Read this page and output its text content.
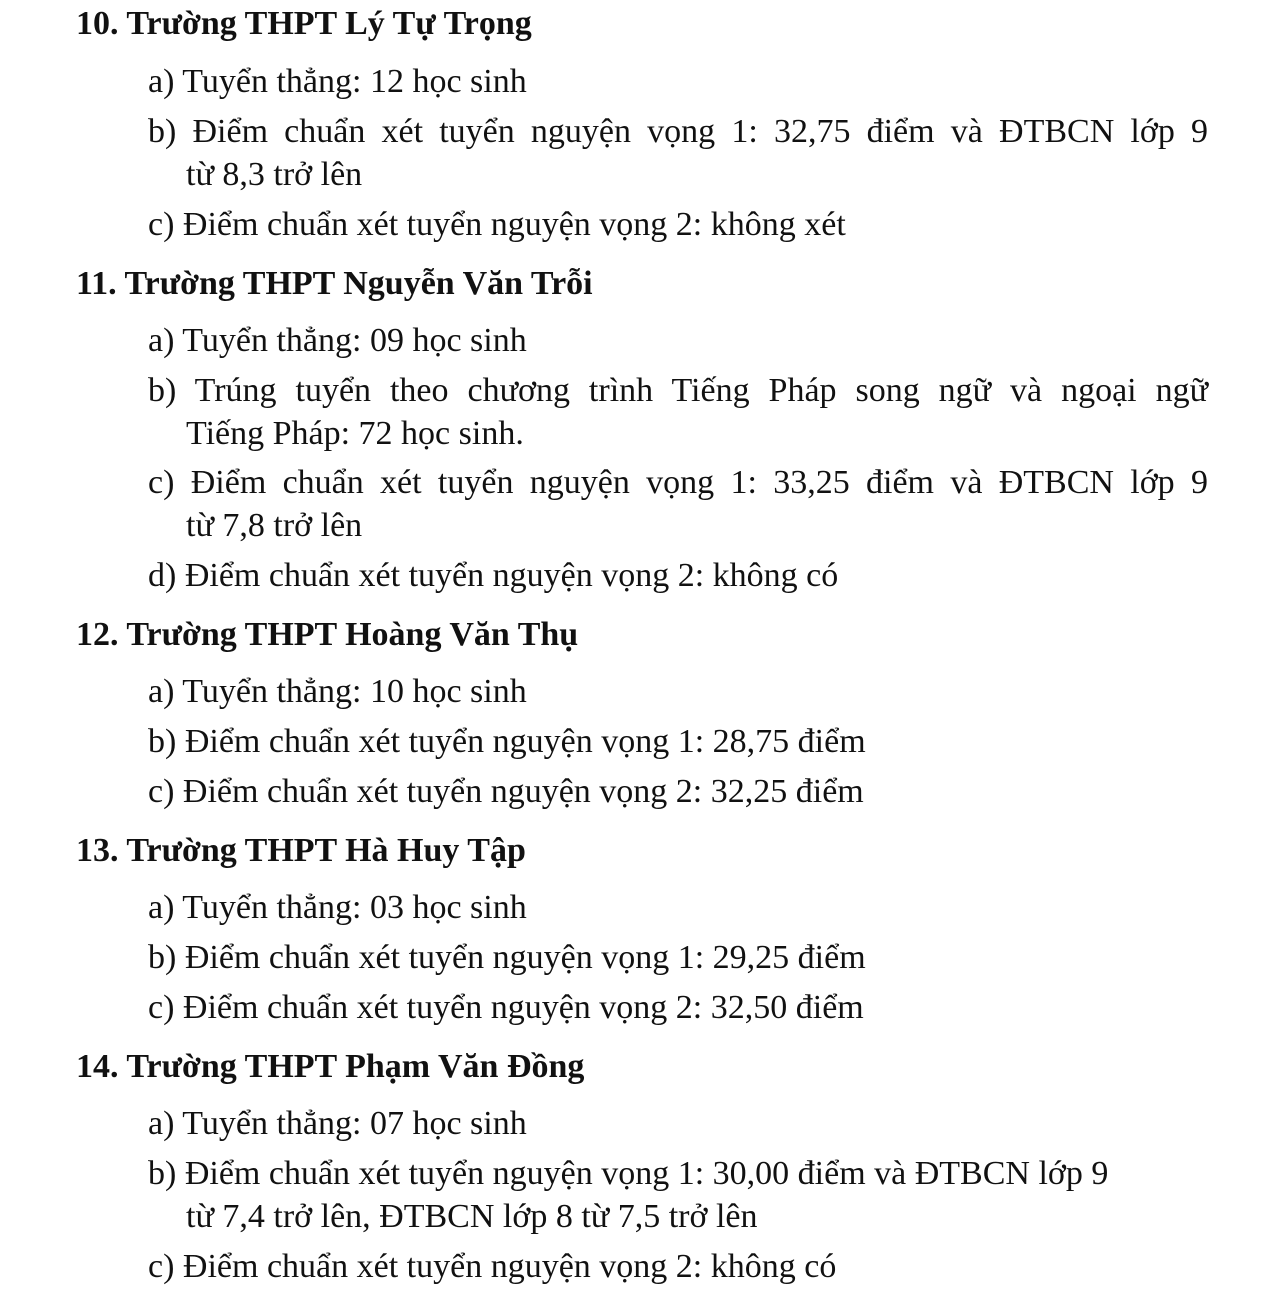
10. Trường THPT Lý Tự Trọng
a) Tuyển thẳng: 12 học sinh
b) Điểm chuẩn xét tuyển nguyện vọng 1: 32,75 điểm và ĐTBCN lớp 9
từ 8,3 trở lên
c) Điểm chuẩn xét tuyển nguyện vọng 2: không xét
11. Trường THPT Nguyễn Văn Trỗi
a) Tuyển thẳng: 09 học sinh
b) Trúng tuyển theo chương trình Tiếng Pháp song ngữ và ngoại ngữ
Tiếng Pháp: 72 học sinh.
c) Điểm chuẩn xét tuyển nguyện vọng 1: 33,25 điểm và ĐTBCN lớp 9
từ 7,8 trở lên
d) Điểm chuẩn xét tuyển nguyện vọng 2: không có
12. Trường THPT Hoàng Văn Thụ
a) Tuyển thẳng: 10 học sinh
b) Điểm chuẩn xét tuyển nguyện vọng 1: 28,75 điểm
c) Điểm chuẩn xét tuyển nguyện vọng 2: 32,25 điểm
13. Trường THPT Hà Huy Tập
a) Tuyển thẳng: 03 học sinh
b) Điểm chuẩn xét tuyển nguyện vọng 1: 29,25 điểm
c) Điểm chuẩn xét tuyển nguyện vọng 2: 32,50 điểm
14. Trường THPT Phạm Văn Đồng
a) Tuyển thẳng: 07 học sinh
b) Điểm chuẩn xét tuyển nguyện vọng 1: 30,00 điểm và ĐTBCN lớp 9
từ 7,4 trở lên, ĐTBCN lớp 8 từ 7,5 trở lên
c) Điểm chuẩn xét tuyển nguyện vọng 2: không có
